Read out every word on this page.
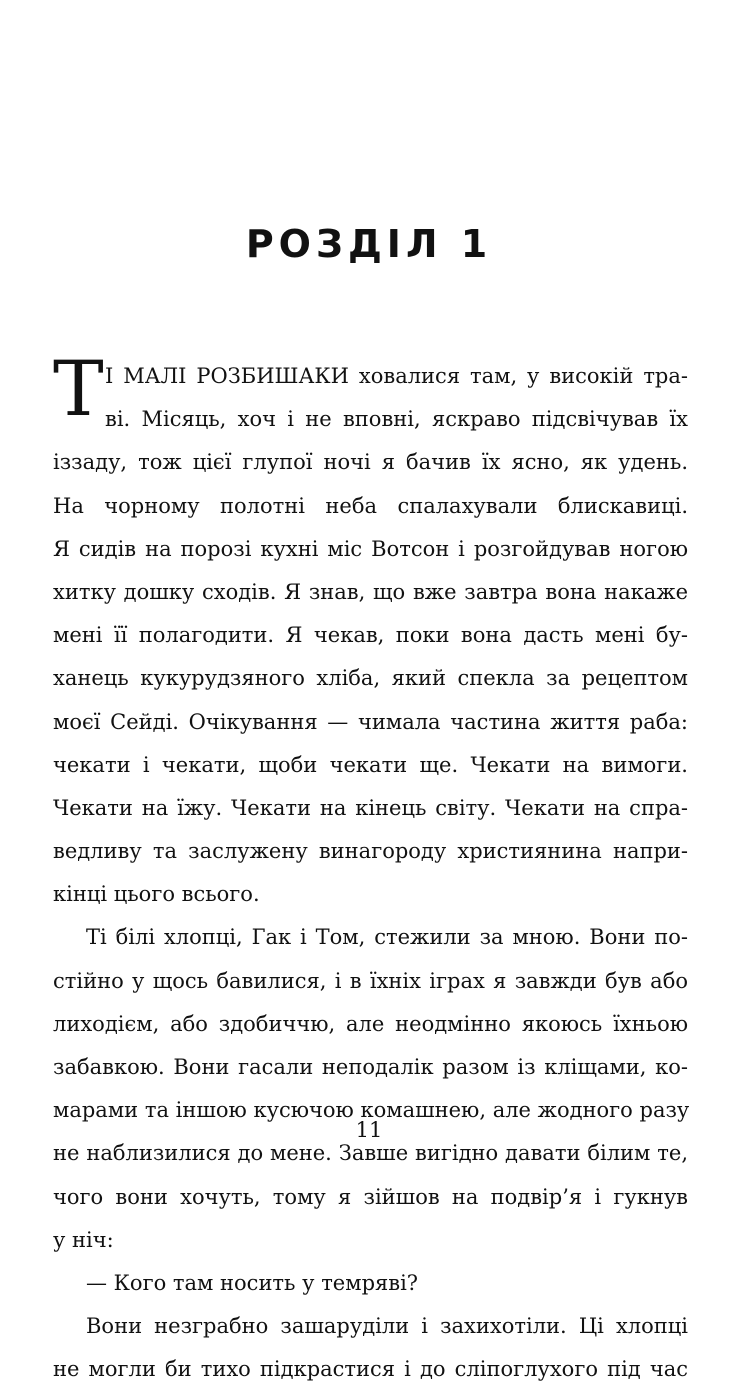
РОЗДІЛ 1
Т І МАЛІ РОЗБИШАКИ ховалися там, у високій тра-
ві. Місяць, хоч і не вповні, яскраво підсвічував їх
іззаду, тож цієї глупої ночі я бачив їх ясно, як удень.
На чорному полотні неба спалахували блискавиці.
Я сидів на порозі кухні міс Вотсон і розгойдував ногою
хитку дошку сходів. Я знав, що вже завтра вона накаже
мені її полагодити. Я чекав, поки вона дасть мені бу-
ханець кукурудзяного хліба, який спекла за рецептом
моєї Сейді. Очікування — чимала частина життя раба:
чекати і чекати, щоби чекати ще. Чекати на вимоги.
Чекати на їжу. Чекати на кінець світу. Чекати на спра-
ведливу та заслужену винагороду християнина напри-
кінці цього всього.
Ті білі хлопці, Гак і Том, стежили за мною. Вони по-
стійно у щось бавилися, і в їхніх іграх я завжди був або
лиходієм, або здобиччю, але неодмінно якоюсь їхньою
забавкою. Вони гасали неподалік разом із кліщами, ко-
марами та іншою кусючою комашнею, але жодного разу
не наблизилися до мене. Завше вигідно давати білим те,
чого вони хочуть, тому я зійшов на подвір’я і гукнув
у ніч:
— Кого там носить у темряві?
Вони незграбно зашаруділи і захихотіли. Ці хлопці
не могли би тихо підкрастися і до сліпоглухого під час
11
